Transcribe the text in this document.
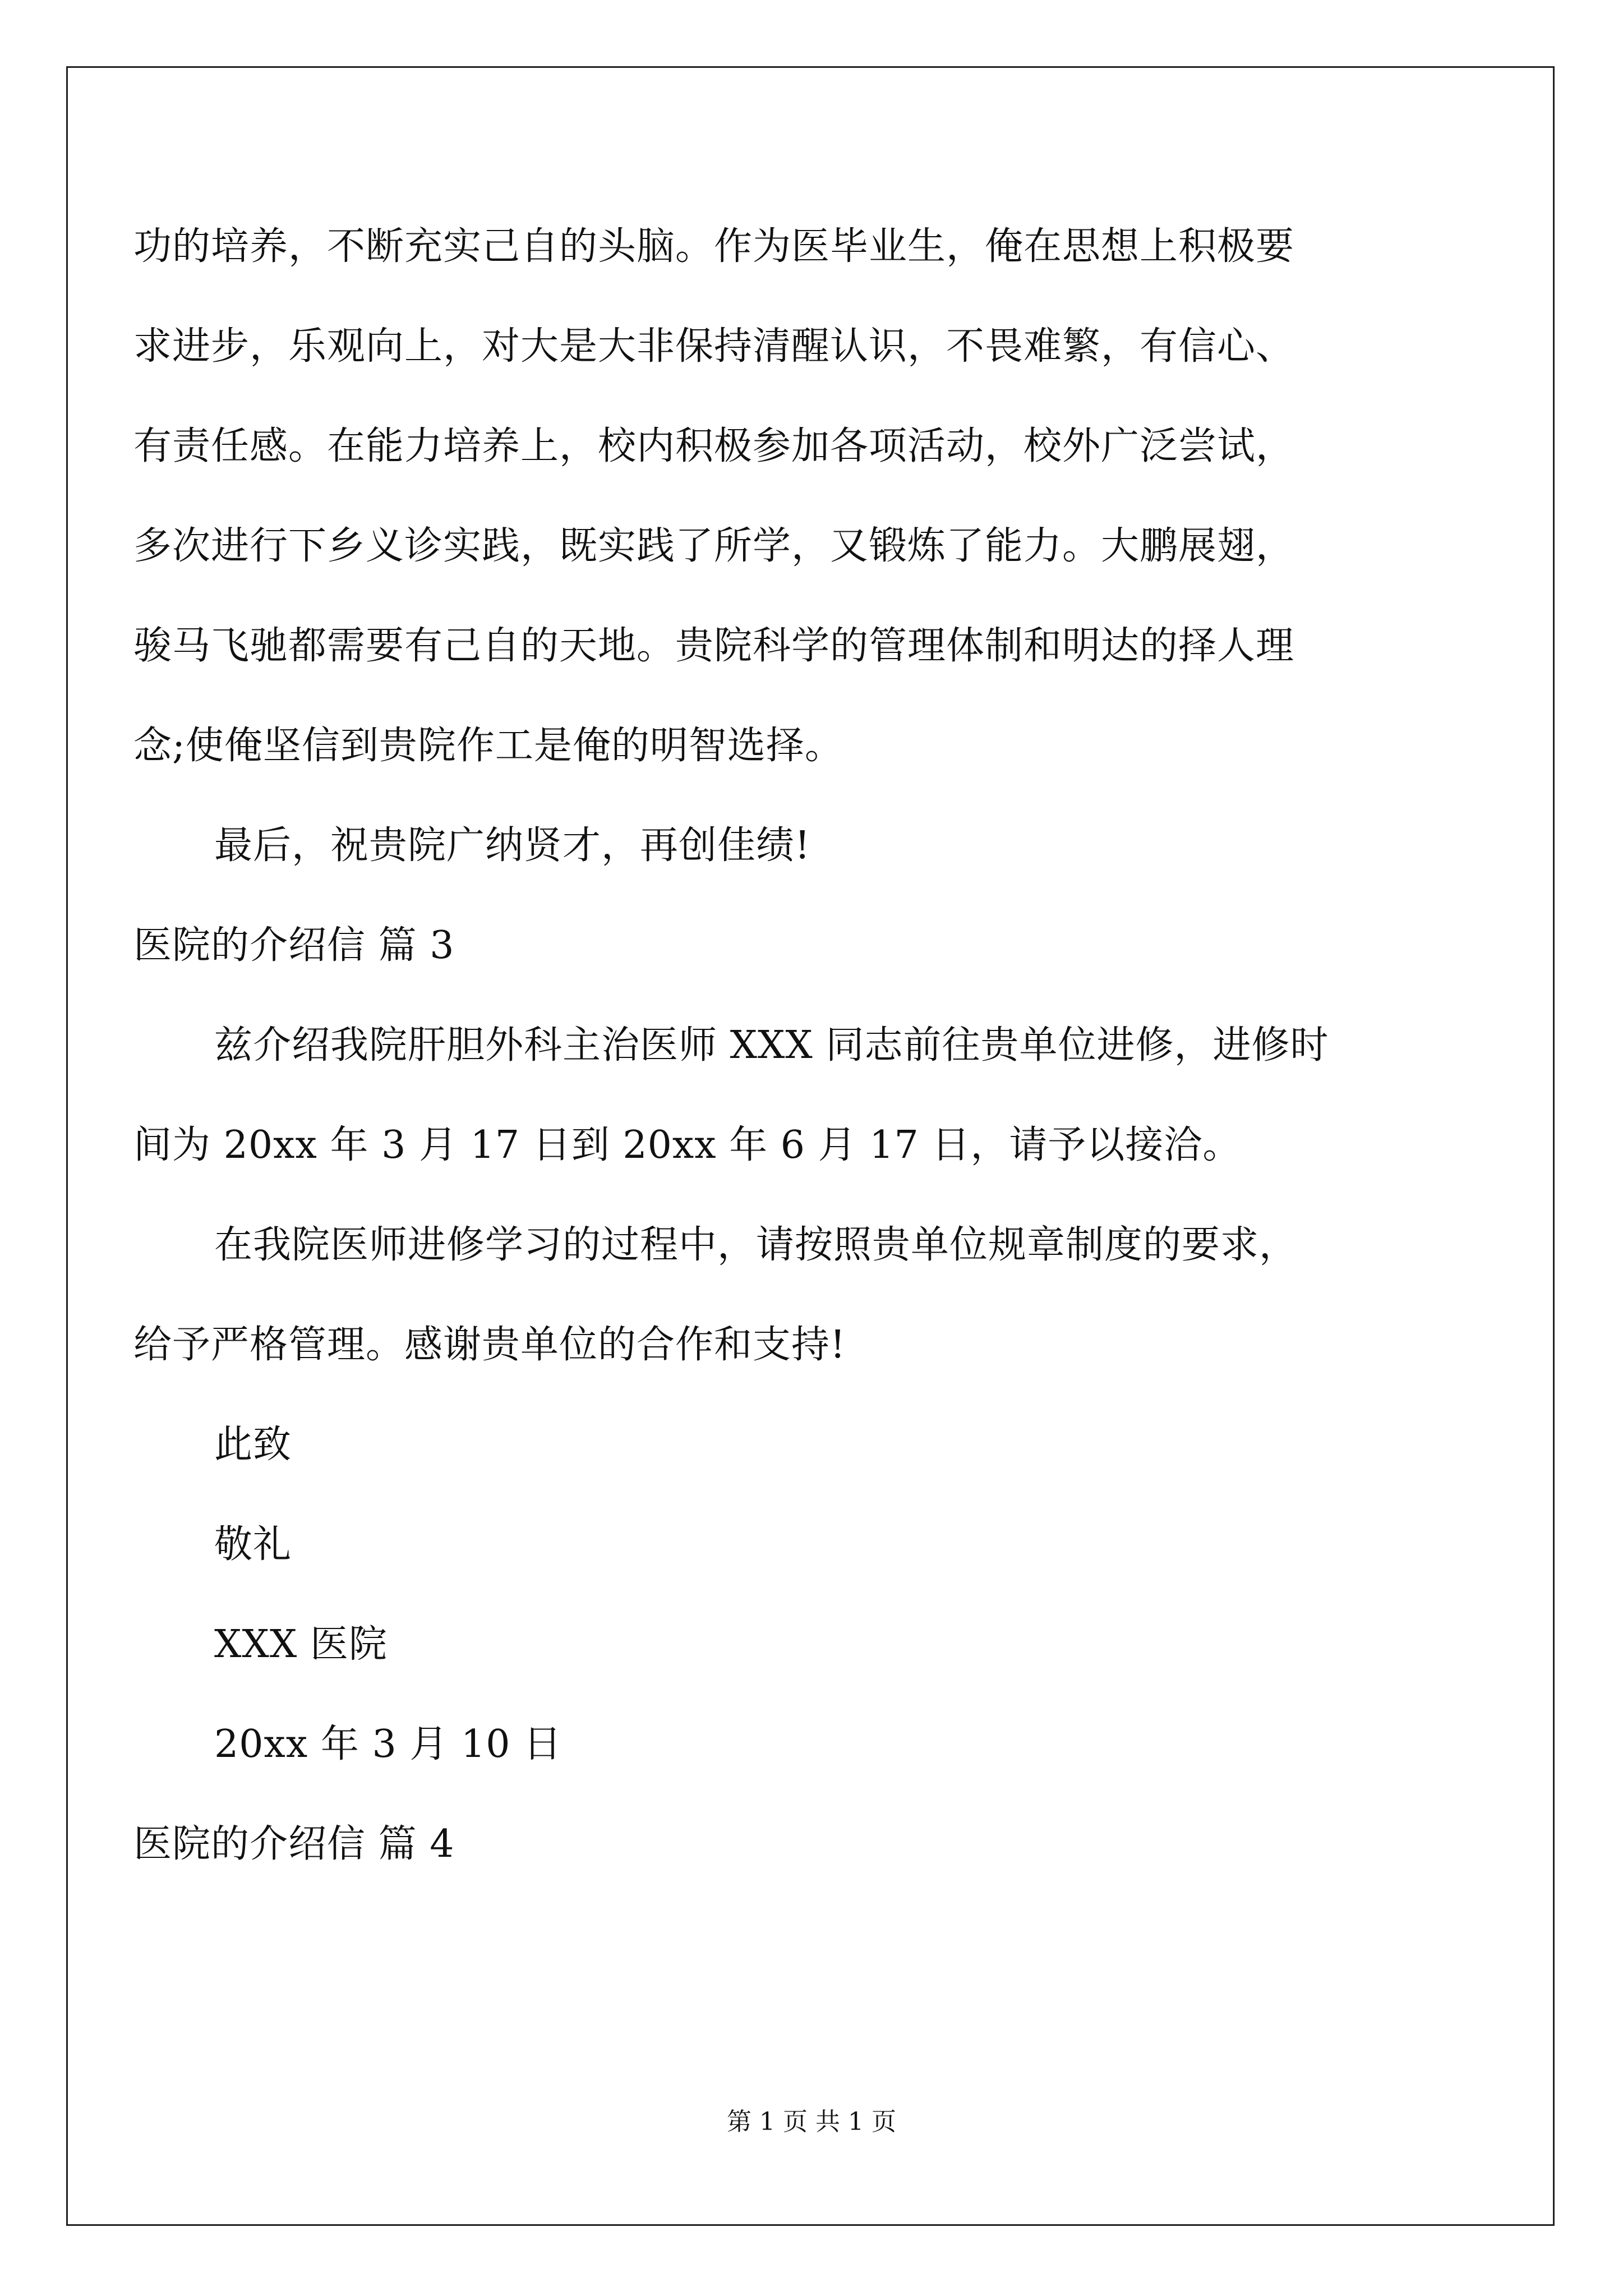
功的培养，不断充实己自的头脑。作为医毕业生，俺在思想上积极要
求进步，乐观向上，对大是大非保持清醒认识，不畏难繁，有信心、
有责任感。在能力培养上，校内积极参加各项活动，校外广泛尝试，
多次进行下乡义诊实践，既实践了所学，又锻炼了能力。大鹏展翅，
骏马飞驰都需要有己自的天地。贵院科学的管理体制和明达的择人理
念;使俺坚信到贵院作工是俺的明智选择。
最后，祝贵院广纳贤才，再创佳绩!
医院的介绍信 篇 3
兹介绍我院肝胆外科主治医师 XXX 同志前往贵单位进修，进修时
间为 20xx 年 3 月 17 日到 20xx 年 6 月 17 日，请予以接洽。
在我院医师进修学习的过程中，请按照贵单位规章制度的要求，
给予严格管理。感谢贵单位的合作和支持!
此致
敬礼
XXX 医院
20xx 年 3 月 10 日
医院的介绍信 篇 4
第 1 页 共 1 页
